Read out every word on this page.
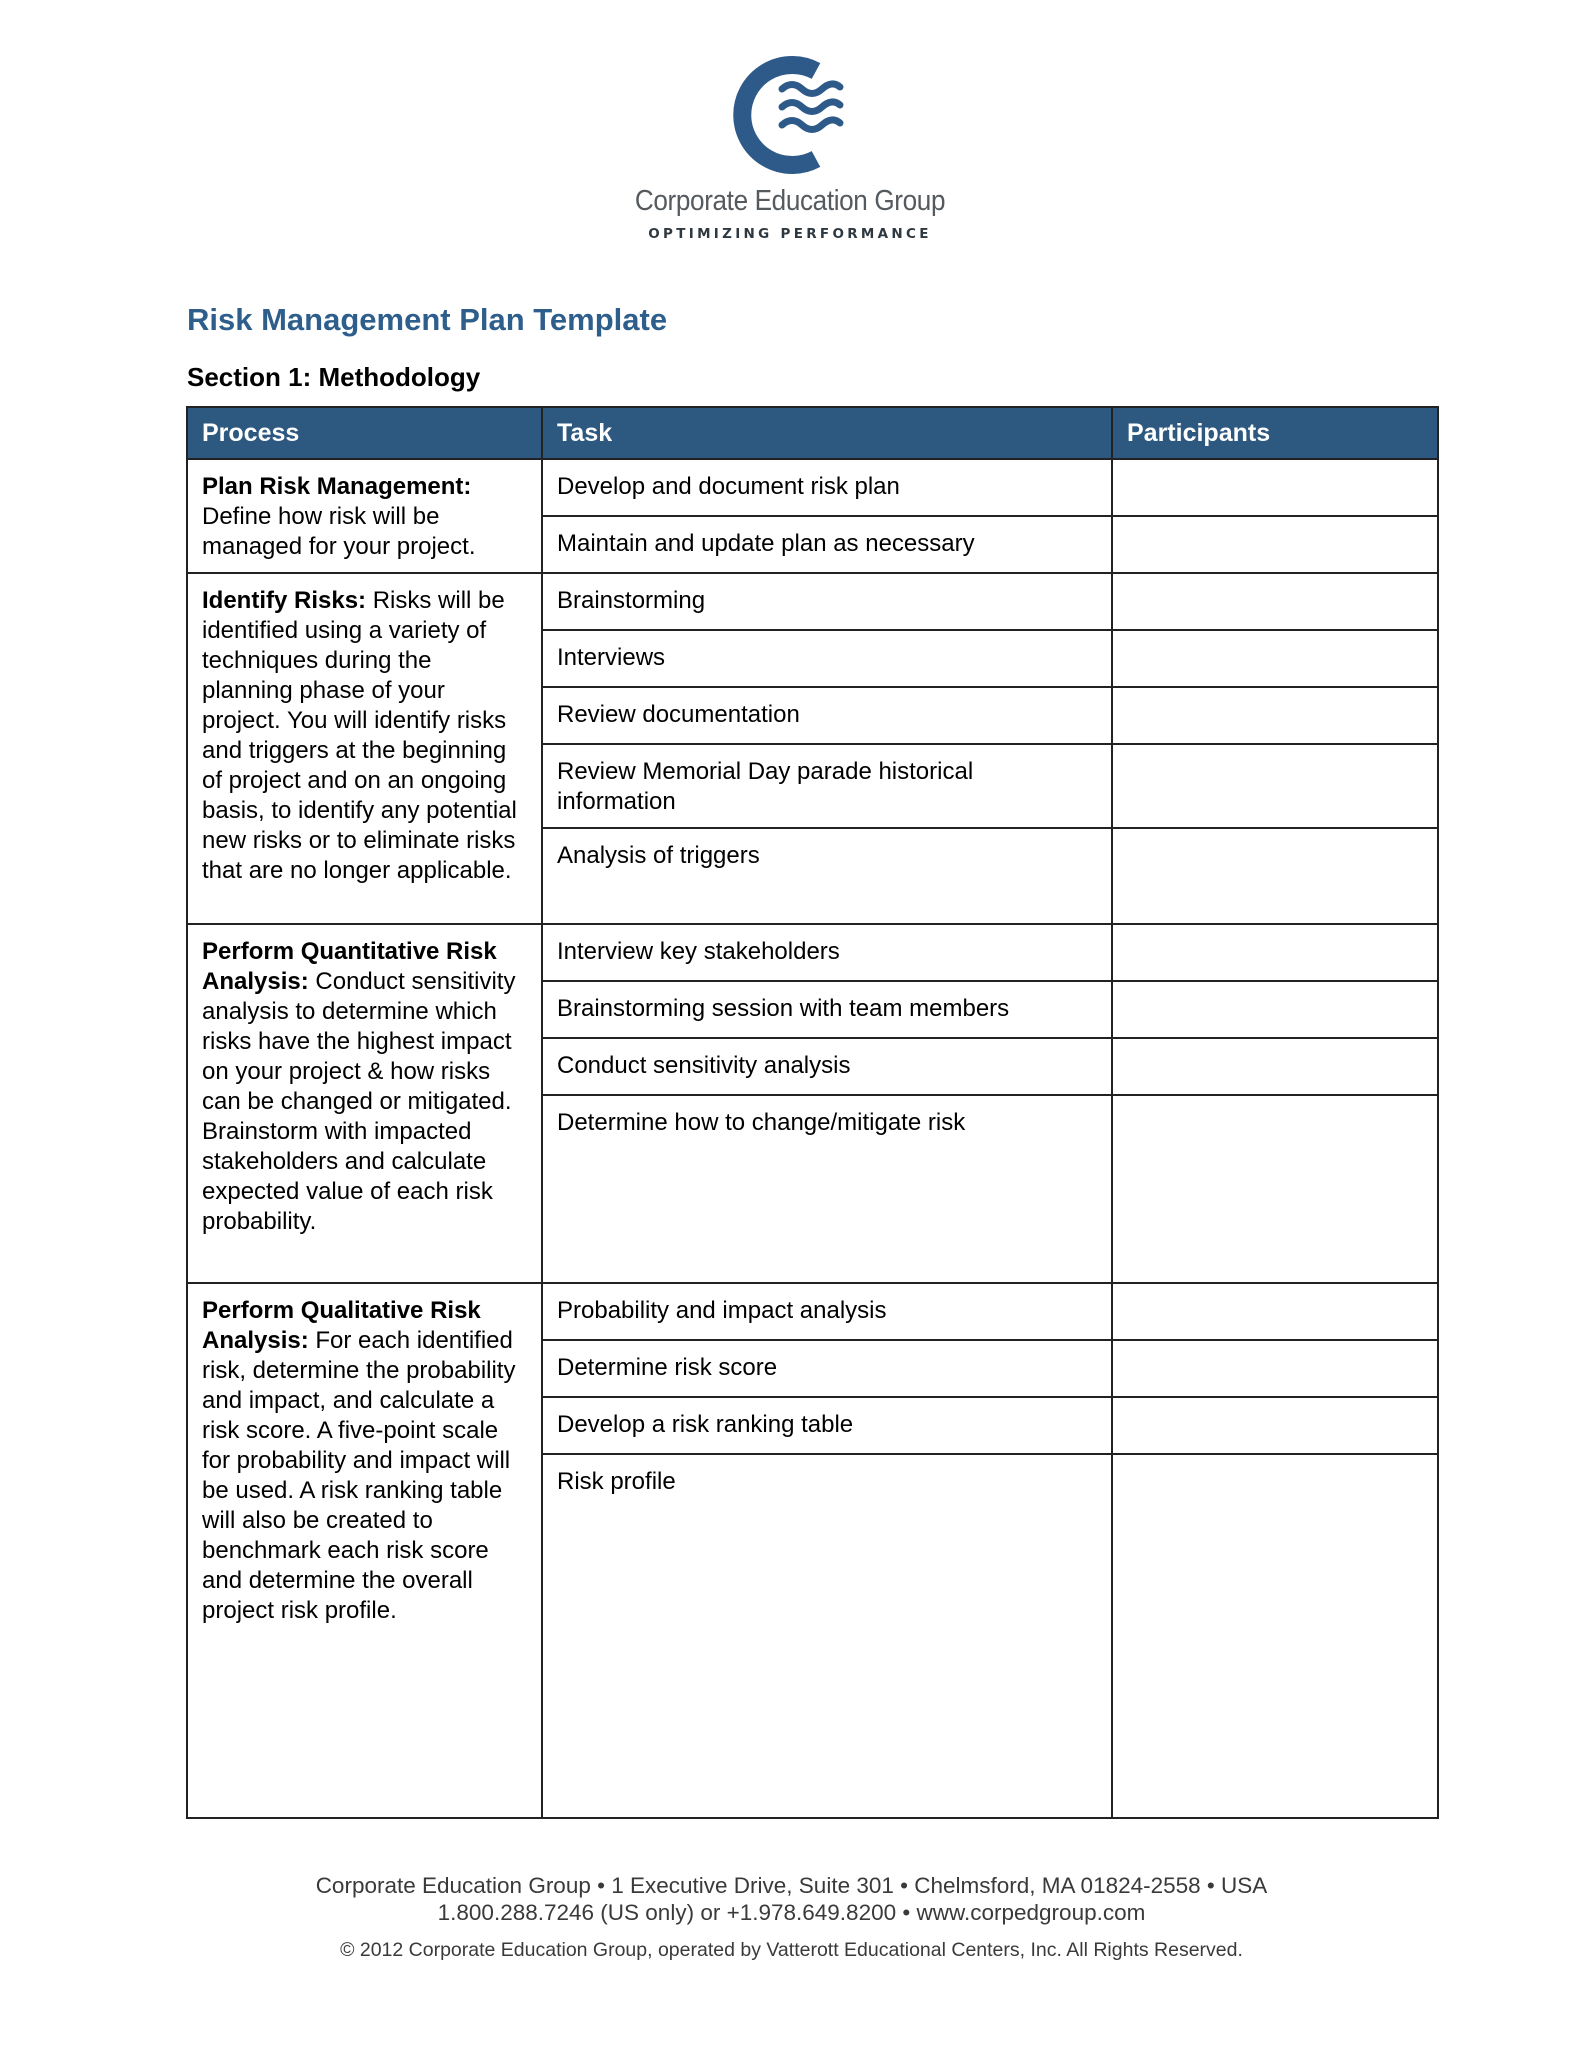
Corporate Education Group
OPTIMIZING PERFORMANCE
Risk Management Plan Template
Section 1: Methodology
Process	Task	Participants
Plan Risk Management: Define how risk will be managed for your project.	Develop and document risk plan	
	Maintain and update plan as necessary	
Identify Risks: Risks will be identified using a variety of techniques during the planning phase of your project. You will identify risks and triggers at the beginning of project and on an ongoing basis, to identify any potential new risks or to eliminate risks that are no longer applicable.	Brainstorming	
	Interviews	
	Review documentation	
	Review Memorial Day parade historical information	
	Analysis of triggers	
Perform Quantitative Risk Analysis: Conduct sensitivity analysis to determine which risks have the highest impact on your project & how risks can be changed or mitigated. Brainstorm with impacted stakeholders and calculate expected value of each risk probability.	Interview key stakeholders	
	Brainstorming session with team members	
	Conduct sensitivity analysis	
	Determine how to change/mitigate risk	
Perform Qualitative Risk Analysis: For each identified risk, determine the probability and impact, and calculate a risk score. A five-point scale for probability and impact will be used. A risk ranking table will also be created to benchmark each risk score and determine the overall project risk profile.	Probability and impact analysis	
	Determine risk score	
	Develop a risk ranking table	
	Risk profile	
Corporate Education Group • 1 Executive Drive, Suite 301 • Chelmsford, MA 01824-2558 • USA
1.800.288.7246 (US only) or +1.978.649.8200 • www.corpedgroup.com
© 2012 Corporate Education Group, operated by Vatterott Educational Centers, Inc. All Rights Reserved.
